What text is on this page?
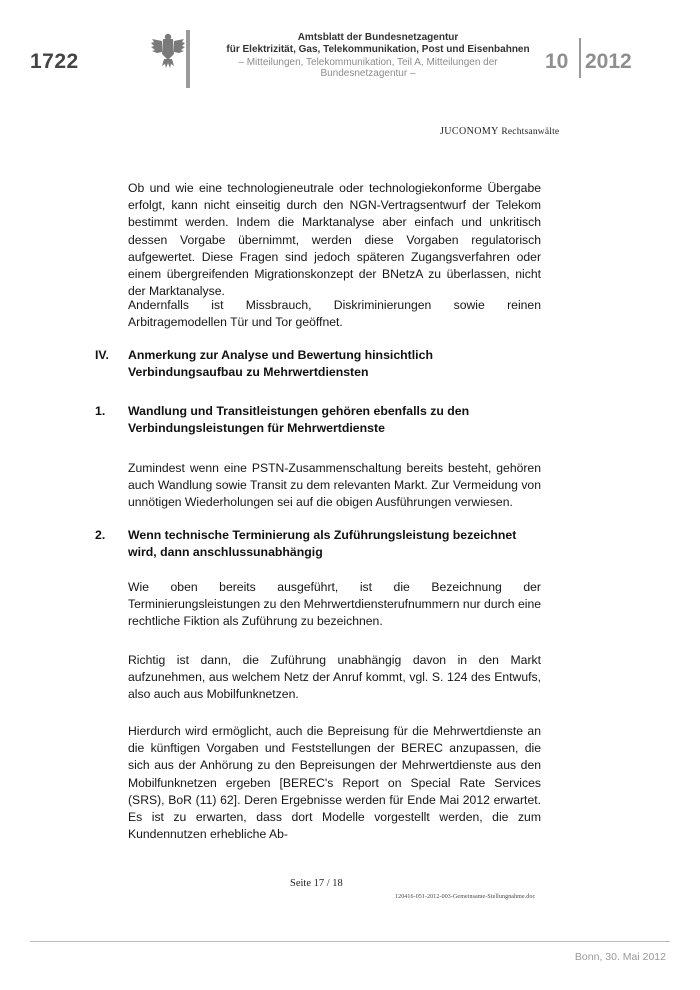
1722
Amtsblatt der Bundesnetzagentur
für Elektrizität, Gas, Telekommunikation, Post und Eisenbahnen
– Mitteilungen, Telekommunikation, Teil A, Mitteilungen der Bundesnetzagentur –
10 2012
JUCONOMY Rechtsanwälte

Ob und wie eine technologieneutrale oder technologiekonforme Übergabe erfolgt, kann nicht einseitig durch den NGN-Vertragsentwurf der Telekom bestimmt werden. Indem die Marktanalyse aber einfach und unkritisch dessen Vorgabe übernimmt, werden diese Vorgaben regulatorisch aufgewertet. Diese Fragen sind jedoch späteren Zugangsverfahren oder einem übergreifenden Migrationskonzept der BNetzA zu überlassen, nicht der Marktanalyse.

Andernfalls ist Missbrauch, Diskriminierungen sowie reinen Arbitragemodellen Tür und Tor geöffnet.

IV. Anmerkung zur Analyse und Bewertung hinsichtlich Verbindungsaufbau zu Mehrwertdiensten
1. Wandlung und Transitleistungen gehören ebenfalls zu den Verbindungsleistungen für Mehrwertdienste

Zumindest wenn eine PSTN-Zusammenschaltung bereits besteht, gehören auch Wandlung sowie Transit zu dem relevanten Markt. Zur Vermeidung von unnötigen Wiederholungen sei auf die obigen Ausführungen verwiesen.

2. Wenn technische Terminierung als Zuführungsleistung bezeichnet wird, dann anschlussunabhängig

Wie oben bereits ausgeführt, ist die Bezeichnung der Terminierungsleistungen zu den Mehrwertdiensterufnummern nur durch eine rechtliche Fiktion als Zuführung zu bezeichnen.

Richtig ist dann, die Zuführung unabhängig davon in den Markt aufzunehmen, aus welchem Netz der Anruf kommt, vgl. S. 124 des Entwufs, also auch aus Mobilfunknetzen.

Hierdurch wird ermöglicht, auch die Bepreisung für die Mehrwertdienste an die künftigen Vorgaben und Feststellungen der BEREC anzupassen, die sich aus der Anhörung zu den Bepreisungen der Mehrwertdienste aus den Mobilfunknetzen ergeben [BEREC's Report on Special Rate Services (SRS), BoR (11) 62]. Deren Ergebnisse werden für Ende Mai 2012 erwartet. Es ist zu erwarten, dass dort Modelle vorgestellt werden, die zum Kundennutzen erhebliche Ab-

Seite 17 / 18
120416-051-2012-003-Gemeinsame-Stellungnahme.doc
Bonn, 30. Mai 2012
